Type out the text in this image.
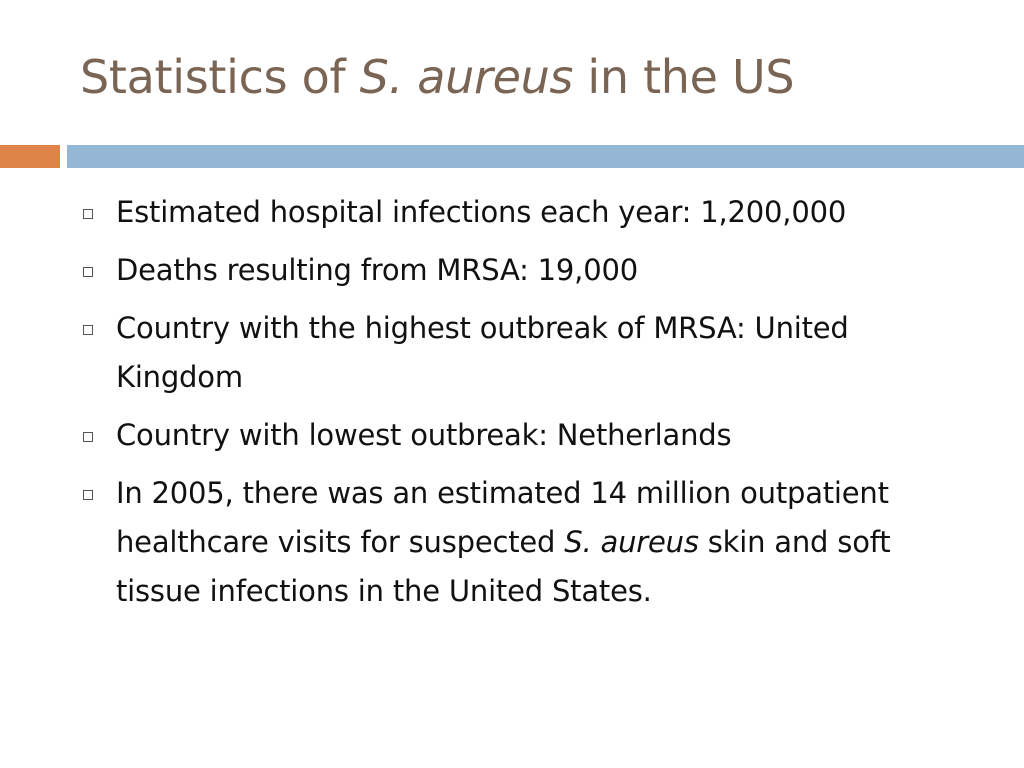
Statistics of S. aureus in the US
Estimated hospital infections each year: 1,200,000
Deaths resulting from MRSA: 19,000
Country with the highest outbreak of MRSA: United Kingdom
Country with lowest outbreak: Netherlands
In 2005, there was an estimated 14 million outpatient healthcare visits for suspected S. aureus skin and soft tissue infections in the United States.
